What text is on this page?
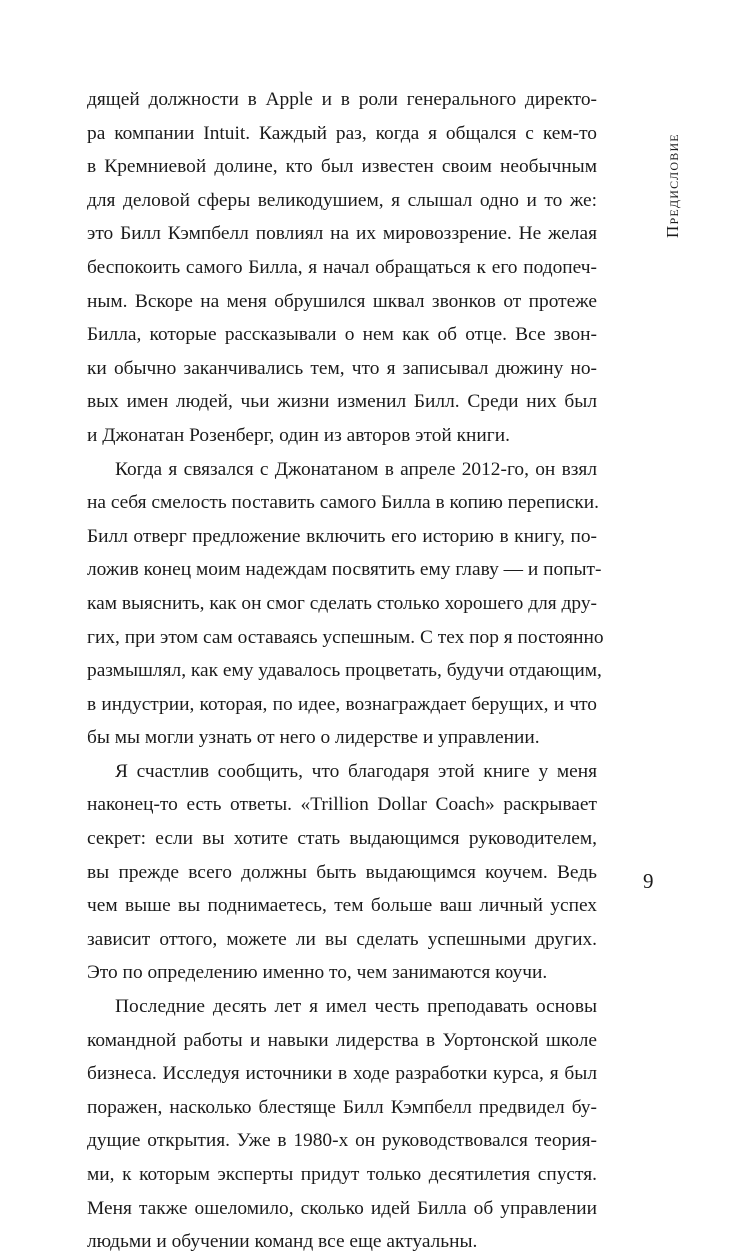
дящей должности в Apple и в роли генерального директо-
ра компании Intuit. Каждый раз, когда я общался с кем-то
в Кремниевой долине, кто был известен своим необычным
для деловой сферы великодушием, я слышал одно и то же:
это Билл Кэмпбелл повлиял на их мировоззрение. Не желая
беспокоить самого Билла, я начал обращаться к его подопеч-
ным. Вскоре на меня обрушился шквал звонков от протеже
Билла, которые рассказывали о нем как об отце. Все звон-
ки обычно заканчивались тем, что я записывал дюжину но-
вых имен людей, чьи жизни изменил Билл. Среди них был
и Джонатан Розенберг, один из авторов этой книги.
Когда я связался с Джонатаном в апреле 2012-го, он взял
на себя смелость поставить самого Билла в копию переписки.
Билл отверг предложение включить его историю в книгу, по-
ложив конец моим надеждам посвятить ему главу — и попыт-
кам выяснить, как он смог сделать столько хорошего для дру-
гих, при этом сам оставаясь успешным. С тех пор я постоянно
размышлял, как ему удавалось процветать, будучи отдающим,
в индустрии, которая, по идее, вознаграждает берущих, и что
бы мы могли узнать от него о лидерстве и управлении.
Я счастлив сообщить, что благодаря этой книге у меня
наконец-то есть ответы. «Trillion Dollar Coach» раскрывает
секрет: если вы хотите стать выдающимся руководителем,
вы прежде всего должны быть выдающимся коучем. Ведь
чем выше вы поднимаетесь, тем больше ваш личный успех
зависит оттого, можете ли вы сделать успешными других.
Это по определению именно то, чем занимаются коучи.
Последние десять лет я имел честь преподавать основы
командной работы и навыки лидерства в Уортонской школе
бизнеса. Исследуя источники в ходе разработки курса, я был
поражен, насколько блестяще Билл Кэмпбелл предвидел бу-
дущие открытия. Уже в 1980-х он руководствовался теория-
ми, к которым эксперты придут только десятилетия спустя.
Меня также ошеломило, сколько идей Билла об управлении
людьми и обучении команд все еще актуальны.
Предисловие
9
